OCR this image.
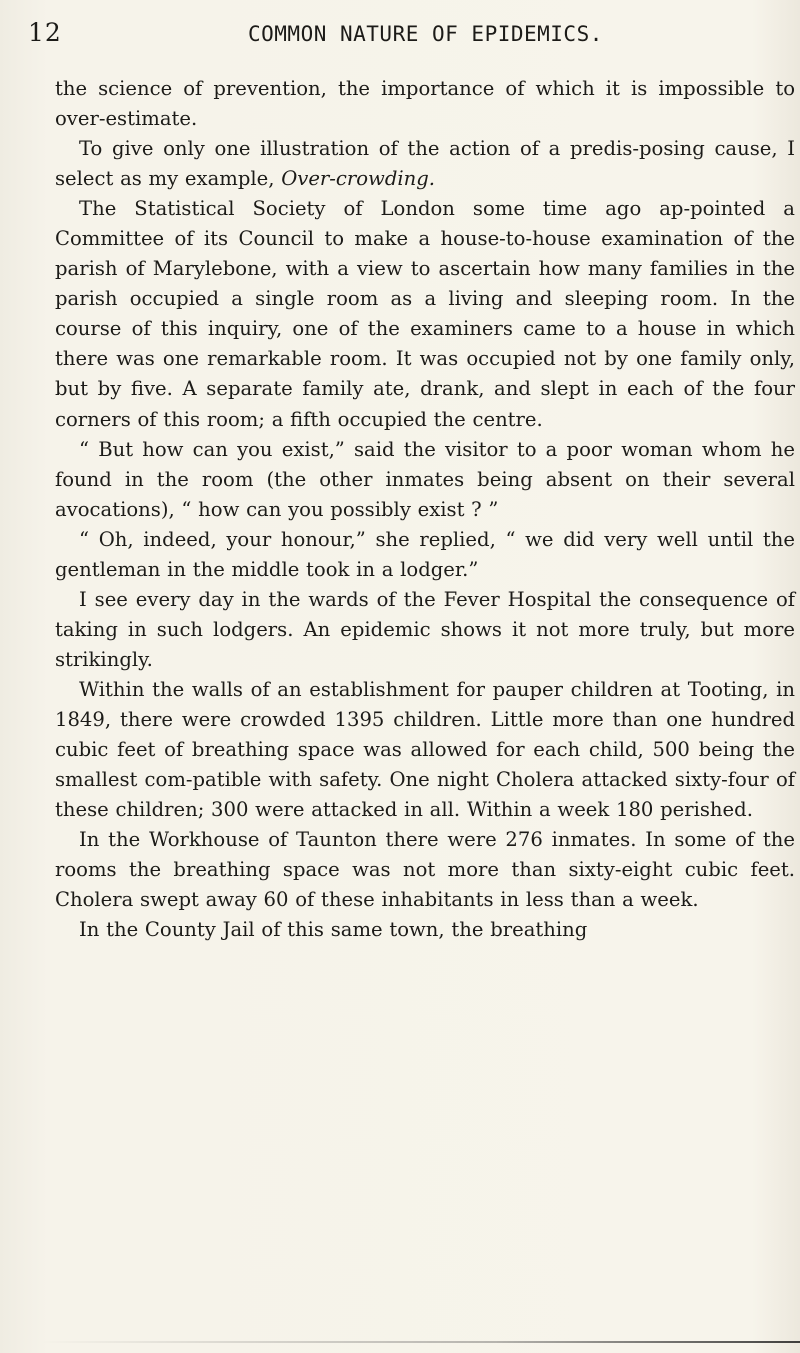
12	COMMON NATURE OF EPIDEMICS.

the science of prevention, the importance of which it is impossible to over-estimate.

To give only one illustration of the action of a predis-posing cause, I select as my example, Over-crowding.

The Statistical Society of London some time ago ap-pointed a Committee of its Council to make a house-to-house examination of the parish of Marylebone, with a view to ascertain how many families in the parish occupied a single room as a living and sleeping room. In the course of this inquiry, one of the examiners came to a house in which there was one remarkable room. It was occupied not by one family only, but by five. A separate family ate, drank, and slept in each of the four corners of this room; a fifth occupied the centre.

“ But how can you exist,” said the visitor to a poor woman whom he found in the room (the other inmates being absent on their several avocations), “ how can you possibly exist ? ”

“ Oh, indeed, your honour,” she replied, “ we did very well until the gentleman in the middle took in a lodger.”

I see every day in the wards of the Fever Hospital the consequence of taking in such lodgers. An epidemic shows it not more truly, but more strikingly.

Within the walls of an establishment for pauper children at Tooting, in 1849, there were crowded 1395 children. Little more than one hundred cubic feet of breathing space was allowed for each child, 500 being the smallest com-patible with safety. One night Cholera attacked sixty-four of these children; 300 were attacked in all. Within a week 180 perished.

In the Workhouse of Taunton there were 276 inmates. In some of the rooms the breathing space was not more than sixty-eight cubic feet. Cholera swept away 60 of these inhabitants in less than a week.

In the County Jail of this same town, the breathing
